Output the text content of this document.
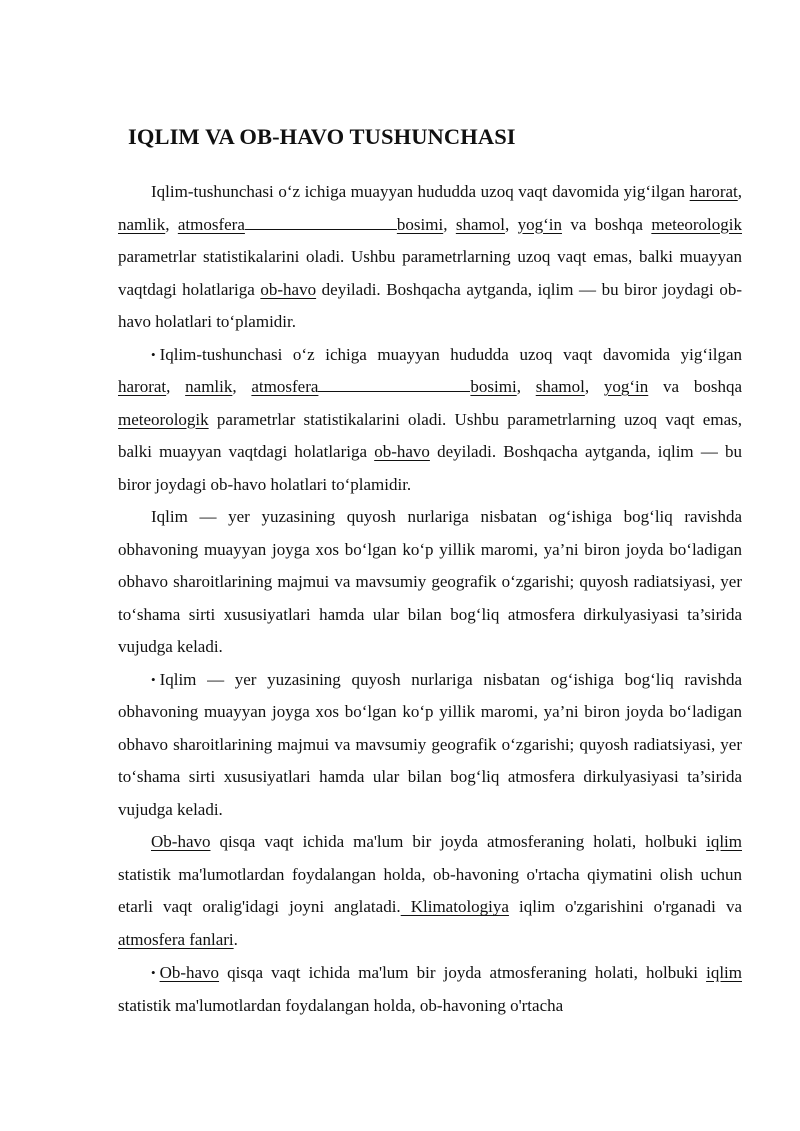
IQLIM VA OB-HAVO TUSHUNCHASI

Iqlim-tushunchasi o‘z ichiga muayyan hududda uzoq vaqt davomida yig‘ilgan harorat, namlik, atmosfera	bosimi, shamol, yog‘in va boshqa meteorologik parametrlar statistikalarini oladi. Ushbu parametrlarning uzoq vaqt emas, balki muayyan vaqtdagi holatlariga ob-havo deyiladi. Boshqacha aytganda, iqlim — bu biror joydagi ob-havo holatlari to‘plamidir.

• Iqlim-tushunchasi o‘z ichiga muayyan hududda uzoq vaqt davomida yig‘ilgan harorat, namlik, atmosfera	bosimi, shamol, yog‘in va boshqa meteorologik parametrlar statistikalarini oladi. Ushbu parametrlarning uzoq vaqt emas, balki muayyan vaqtdagi holatlariga ob-havo deyiladi. Boshqacha aytganda, iqlim — bu biror joydagi ob-havo holatlari to‘plamidir.

Iqlim — yer yuzasining quyosh nurlariga nisbatan og‘ishiga bog‘liq ravishda obhavoning muayyan joyga xos bo‘lgan ko‘p yillik maromi, ya’ni biron joyda bo‘ladigan obhavo sharoitlarining majmui va mavsumiy geografik o‘zgarishi; quyosh radiatsiyasi, yer to‘shama sirti xususiyatlari hamda ular bilan bog‘liq atmosfera dirkulyasiyasi ta’sirida vujudga keladi.

• Iqlim — yer yuzasining quyosh nurlariga nisbatan og‘ishiga bog‘liq ravishda obhavoning muayyan joyga xos bo‘lgan ko‘p yillik maromi, ya’ni biron joyda bo‘ladigan obhavo sharoitlarining majmui va mavsumiy geografik o‘zgarishi; quyosh radiatsiyasi, yer to‘shama sirti xususiyatlari hamda ular bilan bog‘liq atmosfera dirkulyasiyasi ta’sirida vujudga keladi.

Ob-havo qisqa vaqt ichida ma'lum bir joyda atmosferaning holati, holbuki iqlim statistik ma'lumotlardan foydalangan holda, ob-havoning o'rtacha qiymatini olish uchun etarli vaqt oralig'idagi joyni anglatadi. Klimatologiya iqlim o'zgarishini o'rganadi va atmosfera fanlari.

• Ob-havo qisqa vaqt ichida ma'lum bir joyda atmosferaning holati, holbuki iqlim statistik ma'lumotlardan foydalangan holda, ob-havoning o'rtacha
